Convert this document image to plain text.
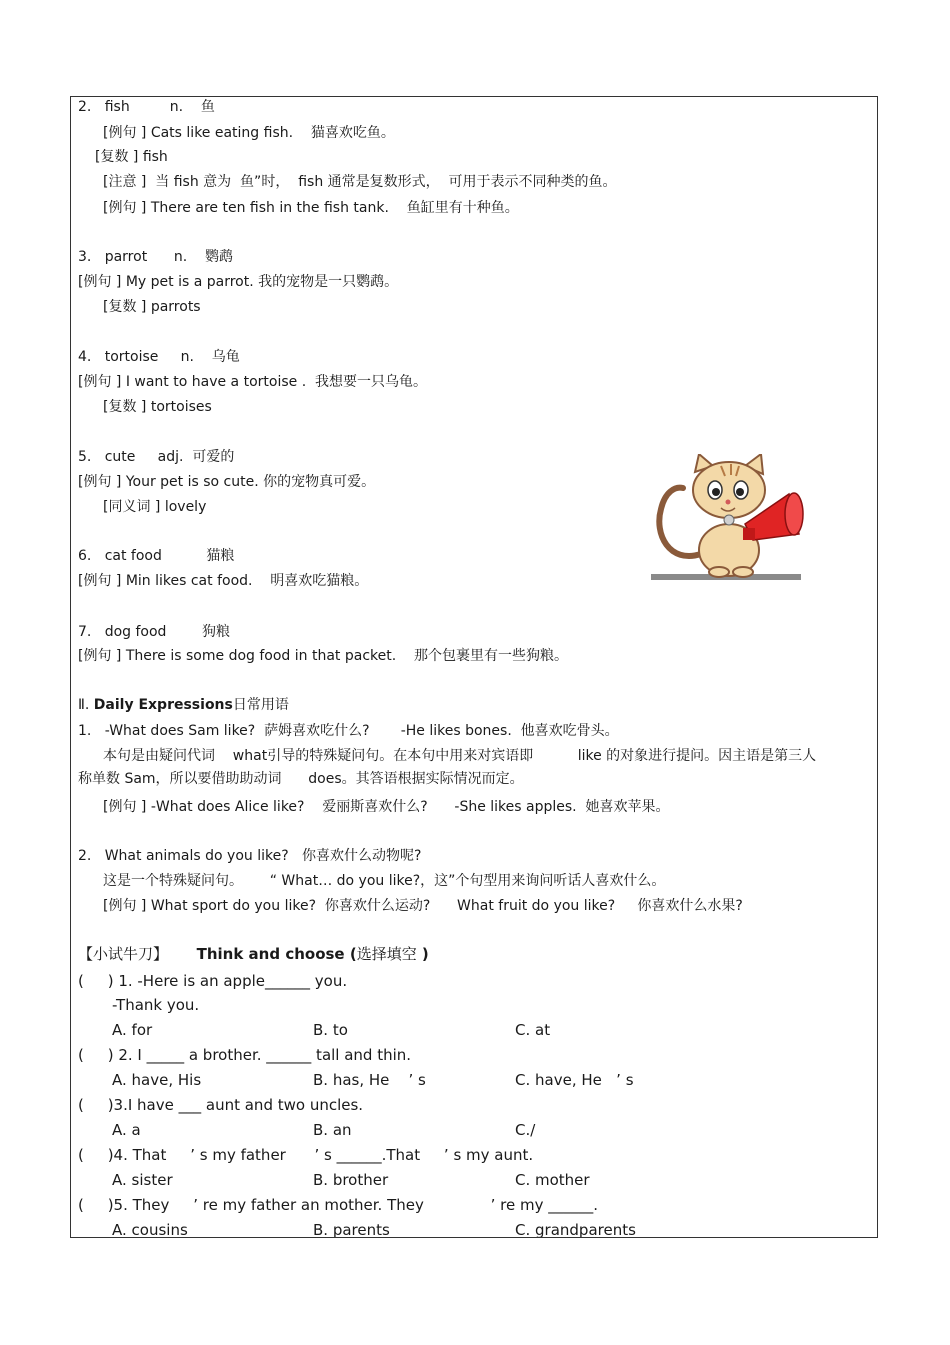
2.   fish         n.    鱼
[例句 ] Cats like eating fish.    猫喜欢吃鱼。
[复数 ] fish
[注意 ]  当 fish 意为  鱼”时，  fish 通常是复数形式，  可用于表示不同种类的鱼。
[例句 ] There are ten fish in the fish tank.    鱼缸里有十种鱼。
3.   parrot      n.    鹦鹉
[例句 ] My pet is a parrot. 我的宠物是一只鹦鹉。
[复数 ] parrots
4.   tortoise     n.    乌龟
[例句 ] I want to have a tortoise .  我想要一只乌龟。
[复数 ] tortoises
5.   cute     adj.  可爱的
[例句 ] Your pet is so cute. 你的宠物真可爱。
[同义词 ] lovely
6.   cat food          猫粮
[例句 ] Min likes cat food.    明喜欢吃猫粮。
7.   dog food        狗粮
[例句 ] There is some dog food in that packet.    那个包裹里有一些狗粮。
Ⅱ. Daily Expressions日常用语
1.   -What does Sam like?  萨姆喜欢吃什么?       -He likes bones.  他喜欢吃骨头。
本句是由疑问代词    what引导的特殊疑问句。在本句中用来对宾语即          like 的对象进行提问。因主语是第三人
称单数 Sam，所以要借助助动词      does。其答语根据实际情况而定。
[例句 ] -What does Alice like?    爱丽斯喜欢什么?      -She likes apples.  她喜欢苹果。
2.   What animals do you like?   你喜欢什么动物呢?
这是一个特殊疑问句。      “ What… do you like?，这”个句型用来询问听话人喜欢什么。
[例句 ] What sport do you like?  你喜欢什么运动?      What fruit do you like?     你喜欢什么水果?
【小试牛刀】 Think and choose (选择填空 )
(     ) 1. -Here is an apple______ you.
-Thank you.
A. for	B. to	C. at
(     ) 2. I _____ a brother. ______ tall and thin.
A. have, His	B. has, He    ’ s	C. have, He   ’ s
(     )3.I have ___ aunt and two uncles.
A. a	B. an	C./
(     )4. That     ’ s my father      ’ s ______.That     ’ s my aunt.
A. sister	B. brother	C. mother
(     )5. They     ’ re my father an mother. They              ’ re my ______.
A. cousins	B. parents	C. grandparents
